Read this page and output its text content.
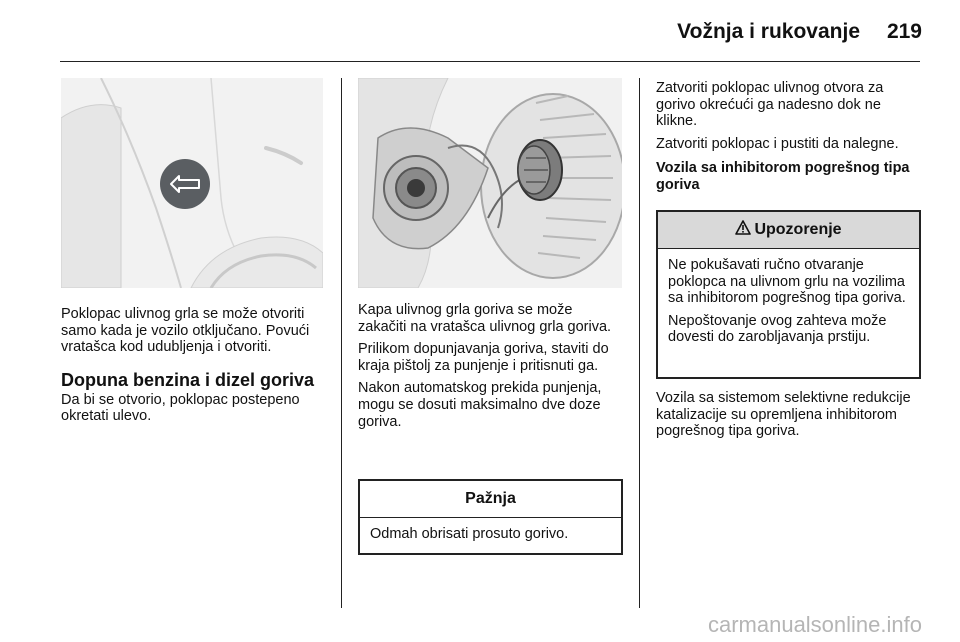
Vožnja i rukovanje 219

Poklopac ulivnog grla se može otvoriti samo kada je vozilo otključano. Povući vratašca kod udubljenja i otvoriti.

Dopuna benzina i dizel goriva

Da bi se otvorio, poklopac postepeno okretati ulevo.

Kapa ulivnog grla goriva se može zakačiti na vratašca ulivnog grla goriva.

Prilikom dopunjavanja goriva, staviti do kraja pištolj za punjenje i pritisnuti ga.

Nakon automatskog prekida punjenja, mogu se dosuti maksimalno dve doze goriva.

Pažnja
Odmah obrisati prosuto gorivo.

Zatvoriti poklopac ulivnog otvora za gorivo okrećući ga nadesno dok ne klikne.

Zatvoriti poklopac i pustiti da nalegne.

Vozila sa inhibitorom pogrešnog tipa goriva
Upozorenje

Ne pokušavati ručno otvaranje poklopca na ulivnom grlu na vozilima sa inhibitorom pogrešnog tipa goriva.

Nepoštovanje ovog zahteva može dovesti do zarobljavanja prstiju.

Vozila sa sistemom selektivne redukcije katalizacije su opremljena inhibitorom pogrešnog tipa goriva.

carmanualsonline.info
